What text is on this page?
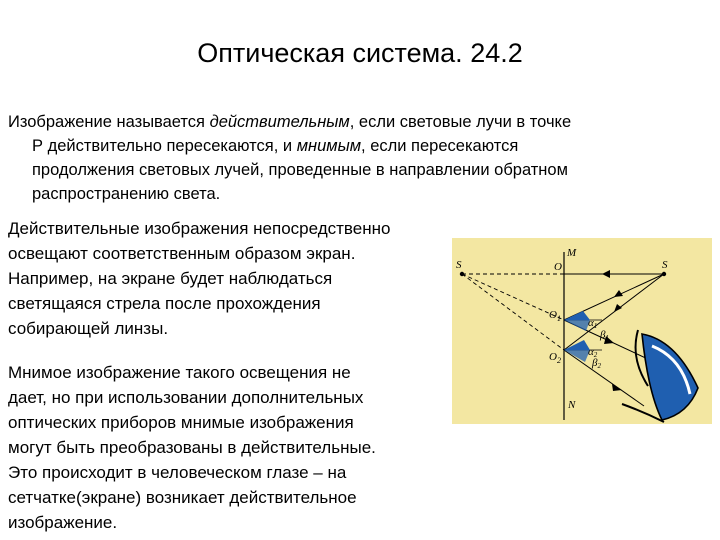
Оптическая система. 24.2
Изображение называется действительным, если световые лучи в точке
Р действительно пересекаются, и мнимым, если пересекаются
продолжения световых лучей, проведенные в направлении обратном
распространению света.
Действительные изображения непосредственно
освещают соответственным образом экран.
Например, на экране будет наблюдаться
светящаяся стрела после прохождения
собирающей линзы.
Мнимое изображение такого освещения не
дает, но при использовании дополнительных
оптических приборов мнимые изображения
могут быть преобразованы в действительные.
Это происходит в человеческом глазе – на
сетчатке(экране) возникает действительное
изображение.
S	S
O
M
N
$O_1$
$O_2$
α1
β1
α2
β2
